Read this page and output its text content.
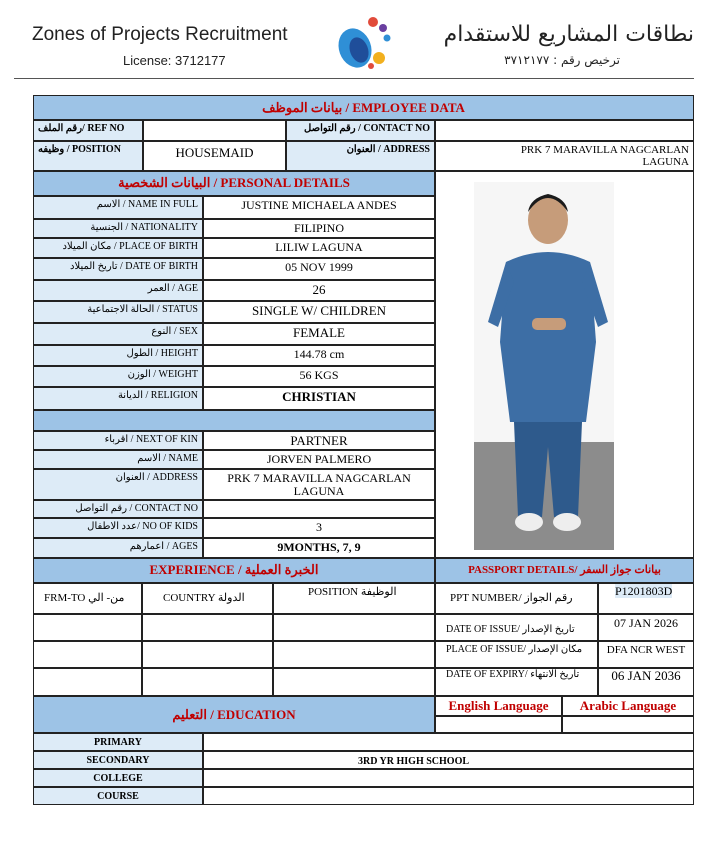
Zones of Projects Recruitment
License: 3712177
نطاقات المشاريع للاستقدام
ترخيص رقم : ٣٧١٢١٧٧
بيانات الموظف / EMPLOYEE DATA
رقم الملف/ REF NO	رقم التواصل / CONTACT NO
وظيفه / POSITION	HOUSEMAID	العنوان / ADDRESS	PRK 7 MARAVILLA NAGCARLAN LAGUNA
البيانات الشخصية / PERSONAL DETAILS
الاسم / NAME IN FULL	JUSTINE MICHAELA ANDES
الجنسية / NATIONALITY	FILIPINO
مكان الميلاد / PLACE OF BIRTH	LILIW LAGUNA
تاريخ الميلاد / DATE OF BIRTH	05 NOV 1999
العمر / AGE	26
الحالة الاجتماعية / STATUS	SINGLE W/ CHILDREN
النوع / SEX	FEMALE
الطول / HEIGHT	144.78 cm
الوزن / WEIGHT	56 KGS
الديانة / RELIGION	CHRISTIAN
اقرباء / NEXT OF KIN	PARTNER
الاسم / NAME	JORVEN PALMERO
العنوان / ADDRESS	PRK 7 MARAVILLA NAGCARLAN LAGUNA
رقم التواصل / CONTACT NO
عدد الاطفال/ NO OF KIDS	3
اعمارهم / AGES	9MONTHS, 7, 9
EXPERIENCE / الخبرة العملية	PASSPORT DETAILS/ بيانات جواز السفر
FRM-TO من- الي	COUNTRY الدولة	POSITION الوظيفة	PPT NUMBER/ رقم الجواز	P1201803D
DATE OF ISSUE/ تاريخ الإصدار	07 JAN 2026
PLACE OF ISSUE/ مكان الإصدار	DFA NCR WEST
DATE OF EXPIRY/ تاريخ الانتهاء	06 JAN 2036
التعليم / EDUCATION
English Language	Arabic Language
PRIMARY
SECONDARY	3RD YR HIGH SCHOOL
COLLEGE
COURSE
